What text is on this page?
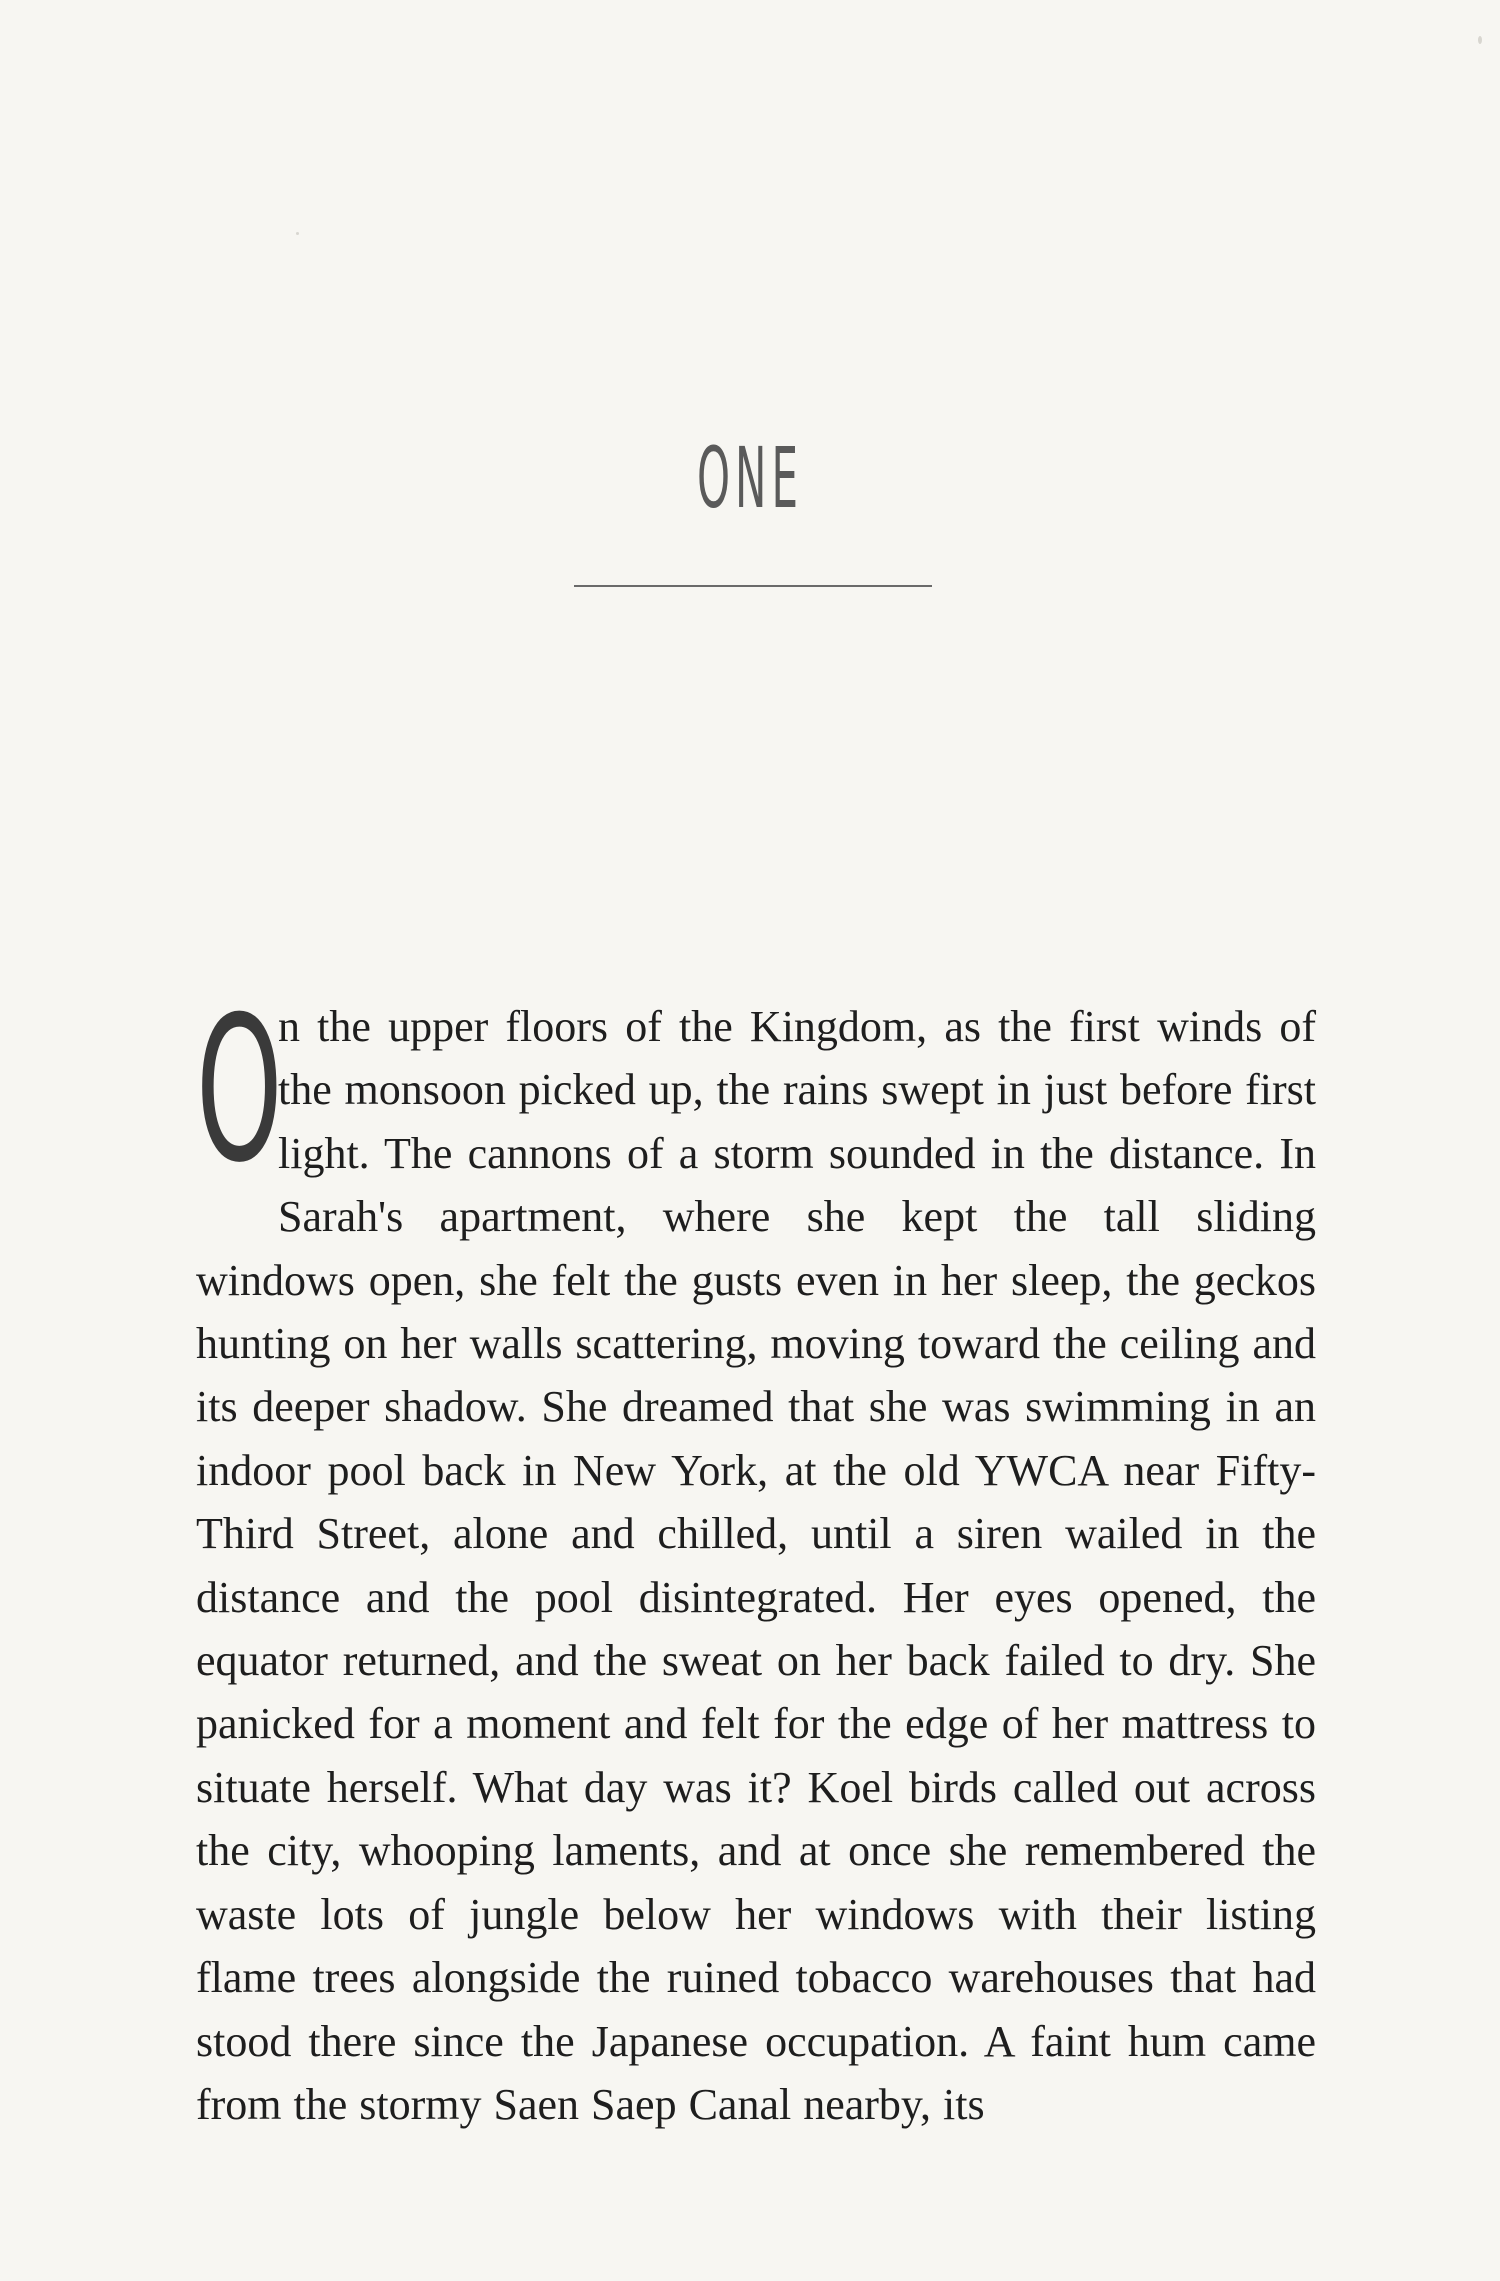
ONE
O
n the upper floors of the Kingdom, as the first winds of the monsoon picked up, the rains swept in just before first light. The cannons of a storm sounded in the distance. In Sarah's apartment, where she kept the tall sliding windows open, she felt the gusts even in her sleep, the geckos hunting on her walls scattering, moving toward the ceiling and its deeper shadow. She dreamed that she was swimming in an indoor pool back in New York, at the old YWCA near Fifty-Third Street, alone and chilled, until a siren wailed in the distance and the pool disintegrated. Her eyes opened, the equator returned, and the sweat on her back failed to dry. She panicked for a moment and felt for the edge of her mattress to situate herself. What day was it? Koel birds called out across the city, whooping laments, and at once she remembered the waste lots of jungle below her windows with their listing flame trees alongside the ruined tobacco warehouses that had stood there since the Japanese occupation. A faint hum came from the stormy Saen Saep Canal nearby, its
